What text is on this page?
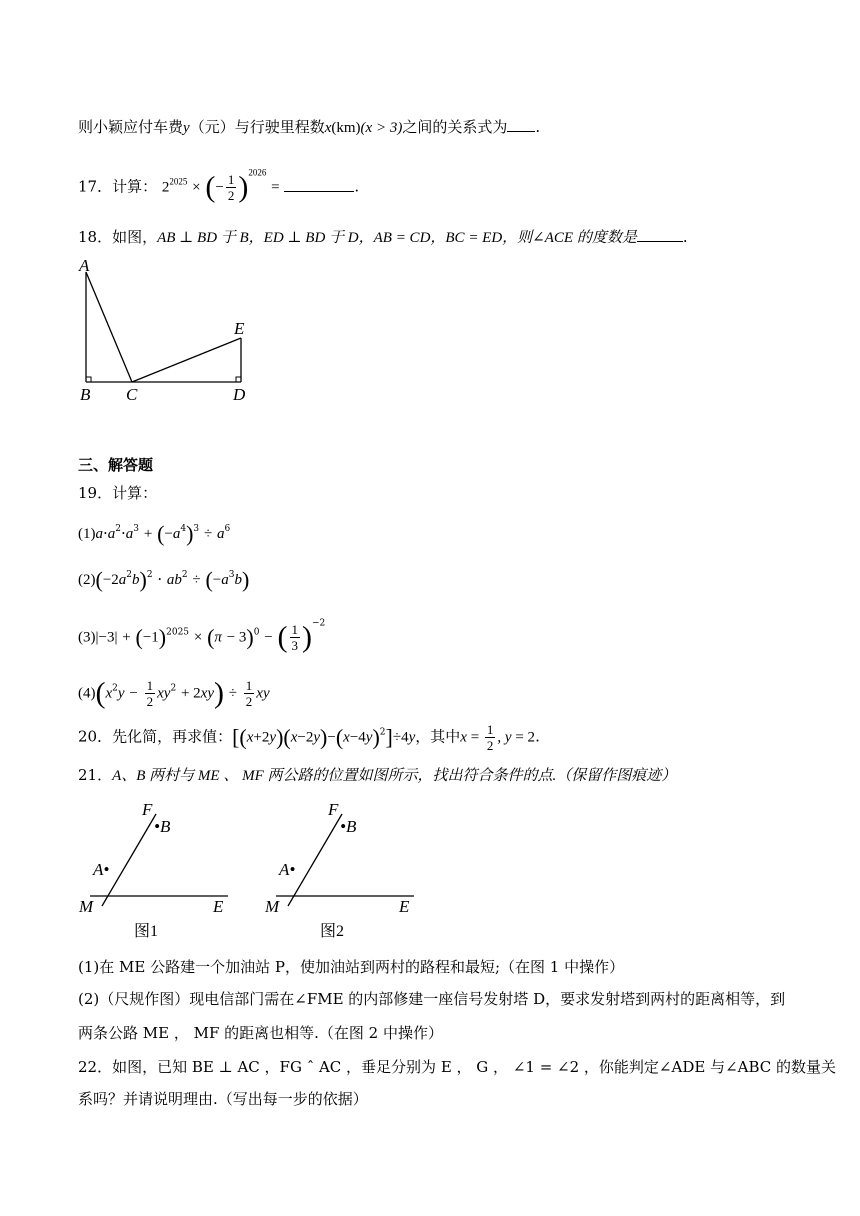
则小颖应付车费y（元）与行驶里程数x(km)(x > 3)之间的关系式为 .
17．计算： $2^{2025}$ × (− $\frac{1}{2} )^{2026}$ =	.
18．如图，AB ⊥ BD 于 B，ED ⊥ BD 于 D，AB = CD，BC = ED，则∠ACE 的度数是	.
A
B C	D
E
三、解答题
19．计算：
$(1)a\cdot a^2\cdot a^3 + (-a^4)^3 \div a^6$
$(2)(-2a^2b)^2 \cdot ab^2 \div (-a^3b)$
$(3)|-3| + (-1)^{2025} \times (\pi - 3)^0$ − ( $\frac{1}{3} )^{-2}$
$(4)(x^2y - \frac{1}{2} xy^2 + 2xy) \div \frac{1}{2}$ xy
20．先化简，再求值：$[(x+2y)(x-2y)-(x-4y)^2]\div 4y$，其中$x = \frac{1}{2}$ , y = 2.
21．A、B 两村与 ME 、 MF 两公路的位置如图所示，找出符合条件的点.（保留作图痕迹）
F
•B
A•
M	E
图1
F
•B
A•
M	E
图2
(1)在 ME 公路建一个加油站 P，使加油站到两村的路程和最短;（在图 1 中操作）
(2)（尺规作图）现电信部门需在∠FME 的内部修建一座信号发射塔 D，要求发射塔到两村的距离相等，到
两条公路 ME ， MF 的距离也相等.（在图 2 中操作）
22．如图，已知 BE ⊥ AC ，FG ˆ AC ，垂足分别为 E ， G ， ∠1 = ∠2 ，你能判定∠ADE 与∠ABC 的数量关
系吗？并请说明理由.（写出每一步的依据）
